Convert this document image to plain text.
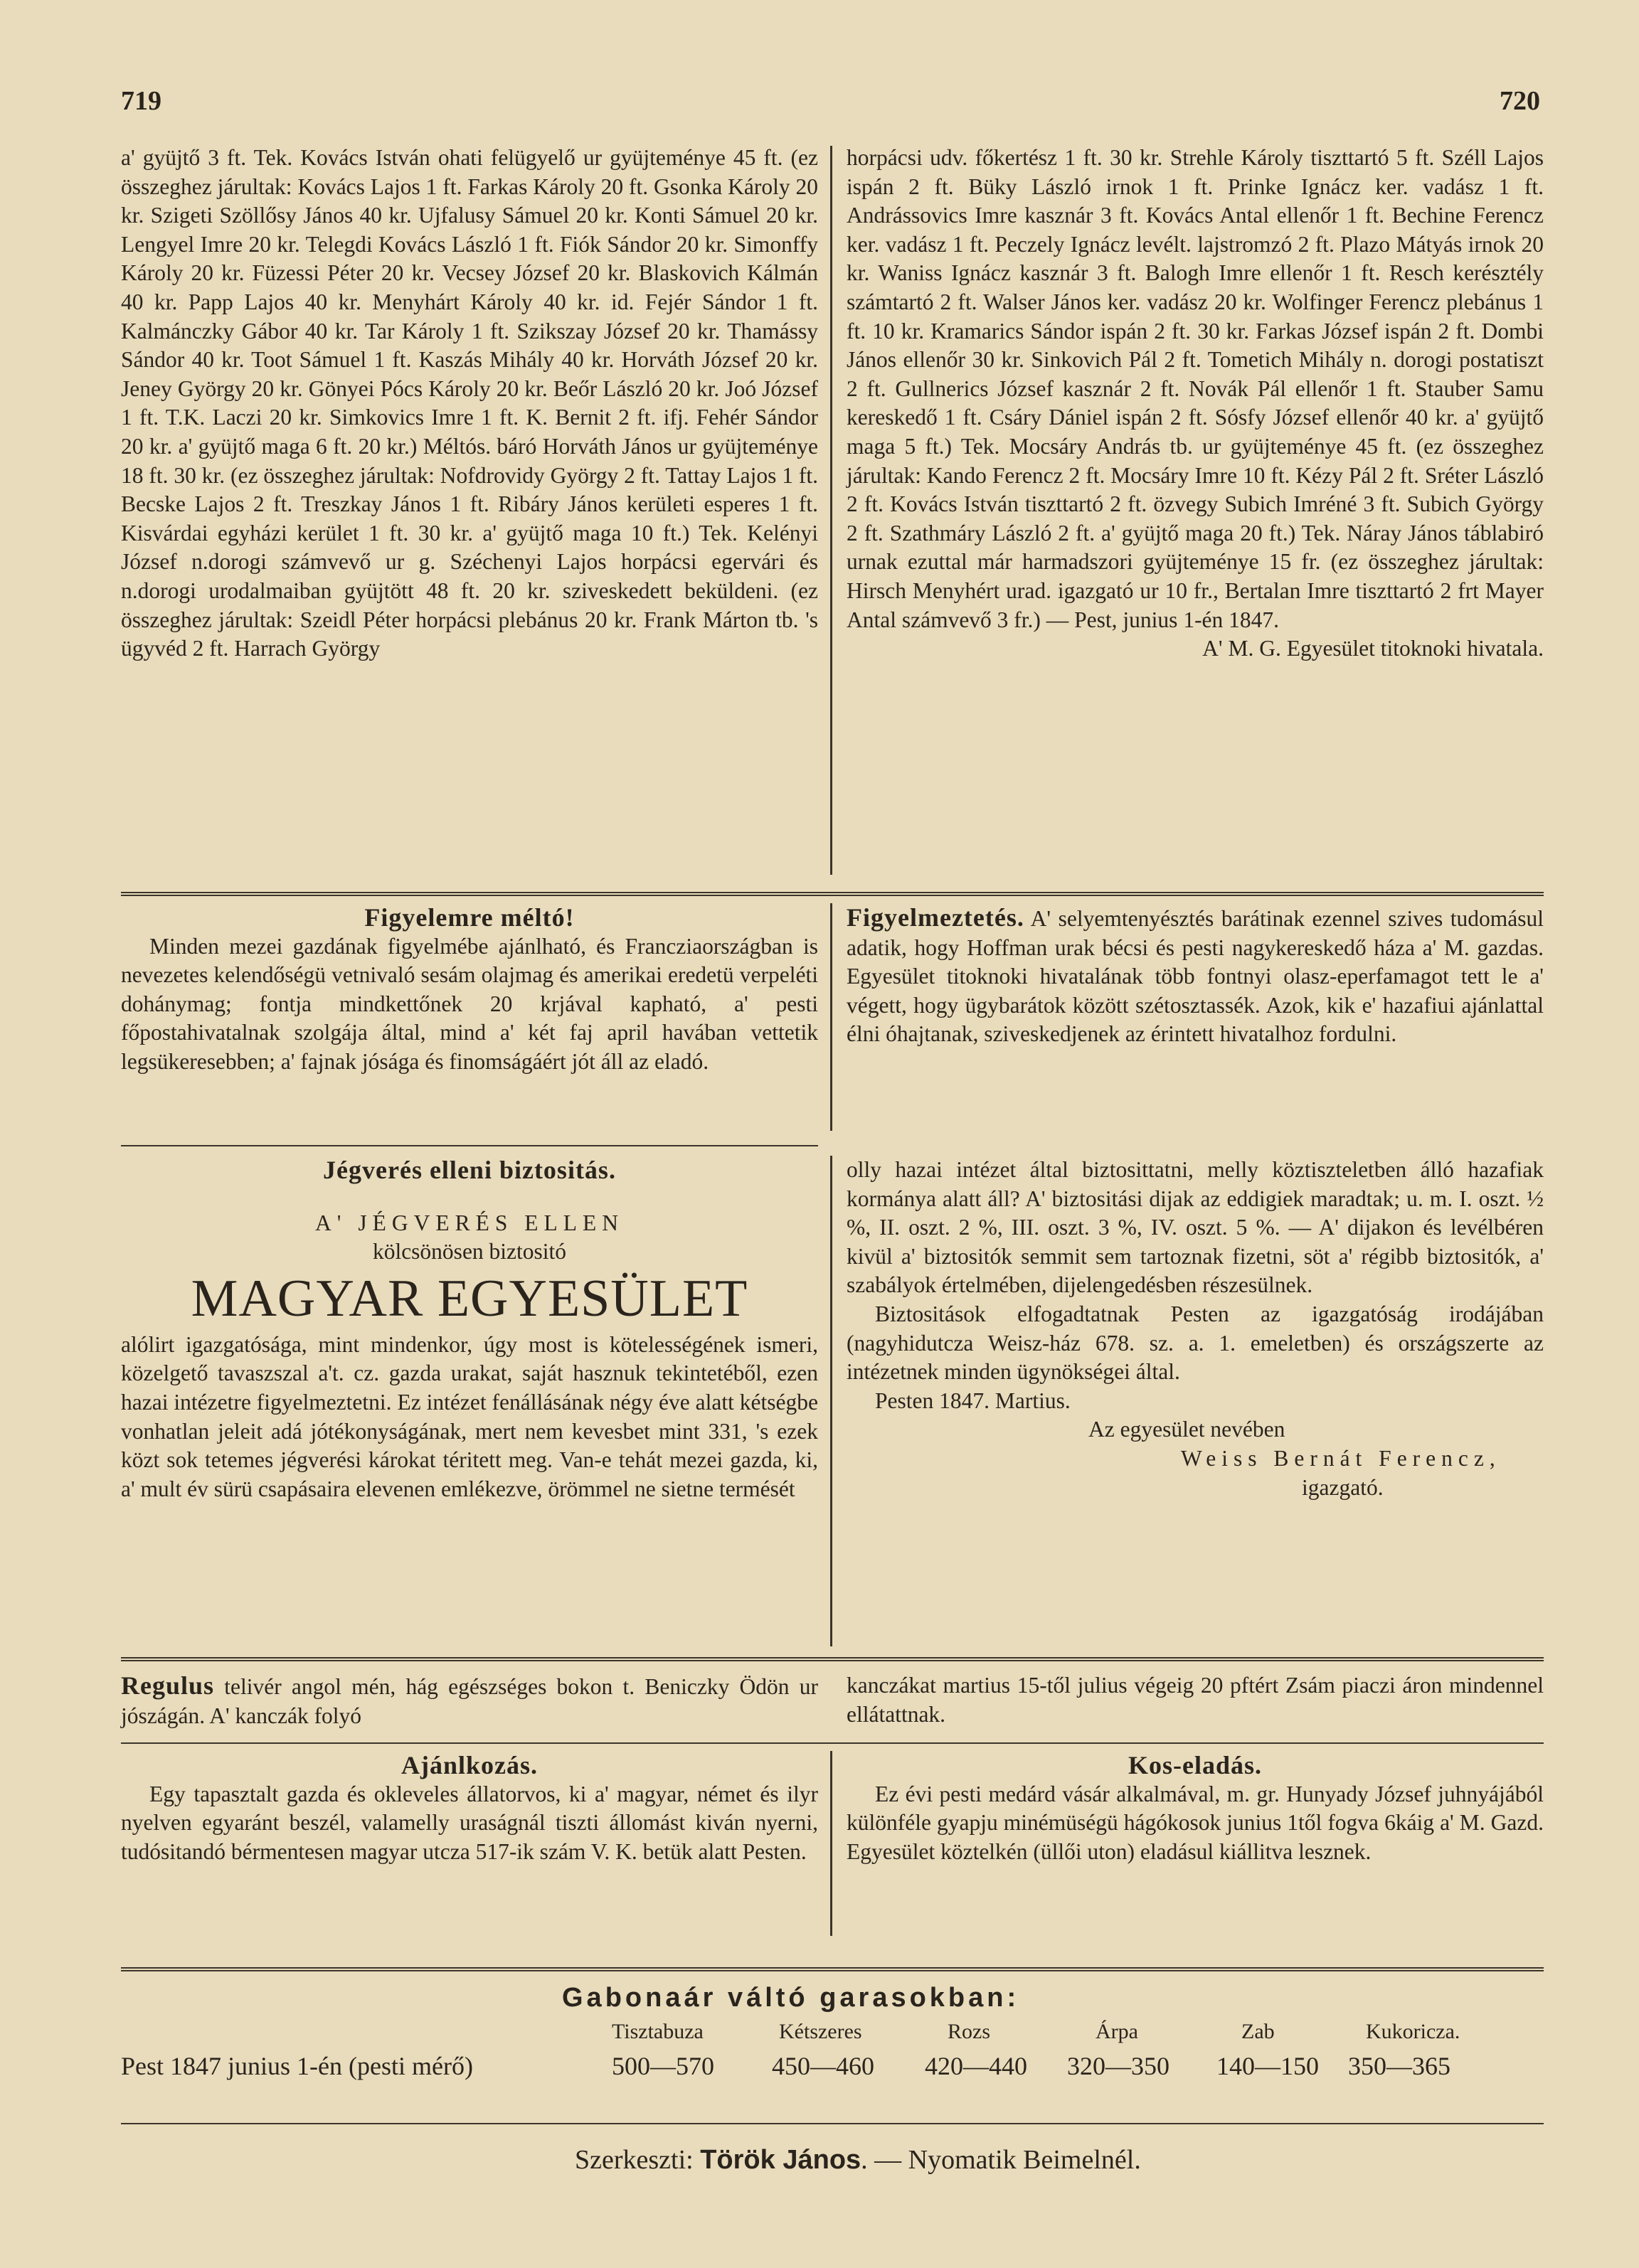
719	720

a' gyüjtő 3 ft. Tek. Kovács István ohati felügyelő ur gyüjteménye 45 ft. (ez összeghez járultak: Kovács Lajos 1 ft. Farkas Károly 20 ft. Gsonka Károly 20 kr. Szigeti Szöllősy János 40 kr. Ujfalusy Sámuel 20 kr. Konti Sámuel 20 kr. Lengyel Imre 20 kr. Telegdi Kovács László 1 ft. Fiók Sándor 20 kr. Simonffy Károly 20 kr. Füzessi Péter 20 kr. Vecsey József 20 kr. Blaskovich Kálmán 40 kr. Papp Lajos 40 kr. Menyhárt Károly 40 kr. id. Fejér Sándor 1 ft. Kalmánczky Gábor 40 kr. Tar Károly 1 ft. Szikszay József 20 kr. Thamássy Sándor 40 kr. Toot Sámuel 1 ft. Kaszás Mihály 40 kr. Horváth József 20 kr. Jeney György 20 kr. Gönyei Pócs Károly 20 kr. Beőr László 20 kr. Joó József 1 ft. T.K. Laczi 20 kr. Simkovics Imre 1 ft. K. Bernit 2 ft. ifj. Fehér Sándor 20 kr. a' gyüjtő maga 6 ft. 20 kr.) Méltós. báró Horváth János ur gyüjteménye 18 ft. 30 kr. (ez összeghez járultak: Nofdrovidy György 2 ft. Tattay Lajos 1 ft. Becske Lajos 2 ft. Treszkay János 1 ft. Ribáry János kerületi esperes 1 ft. Kisvárdai egyházi kerület 1 ft. 30 kr. a' gyüjtő maga 10 ft.) Tek. Kelényi József n.dorogi számvevő ur g. Széchenyi Lajos horpácsi egervári és n.dorogi urodalmaiban gyüjtött 48 ft. 20 kr. sziveskedett beküldeni. (ez összeghez járultak: Szeidl Péter horpácsi plebánus 20 kr. Frank Márton tb. 's ügyvéd 2 ft. Harrach György

horpácsi udv. főkertész 1 ft. 30 kr. Strehle Károly tiszttartó 5 ft. Széll Lajos ispán 2 ft. Büky László irnok 1 ft. Prinke Ignácz ker. vadász 1 ft. Andrássovics Imre kasznár 3 ft. Kovács Antal ellenőr 1 ft. Bechine Ferencz ker. vadász 1 ft. Peczely Ignácz levélt. lajstromzó 2 ft. Plazo Mátyás irnok 20 kr. Waniss Ignácz kasznár 3 ft. Balogh Imre ellenőr 1 ft. Resch kerésztély számtartó 2 ft. Walser János ker. vadász 20 kr. Wolfinger Ferencz plebánus 1 ft. 10 kr. Kramarics Sándor ispán 2 ft. 30 kr. Farkas József ispán 2 ft. Dombi János ellenőr 30 kr. Sinkovich Pál 2 ft. Tometich Mihály n. dorogi postatiszt 2 ft. Gullnerics József kasznár 2 ft. Novák Pál ellenőr 1 ft. Stauber Samu kereskedő 1 ft. Csáry Dániel ispán 2 ft. Sósfy József ellenőr 40 kr. a' gyüjtő maga 5 ft.) Tek. Mocsáry András tb. ur gyüjteménye 45 ft. (ez összeghez járultak: Kando Ferencz 2 ft. Mocsáry Imre 10 ft. Kézy Pál 2 ft. Sréter László 2 ft. Kovács István tiszttartó 2 ft. özvegy Subich Imréné 3 ft. Subich György 2 ft. Szathmáry László 2 ft. a' gyüjtő maga 20 ft.) Tek. Náray János táblabiró urnak ezuttal már harmadszori gyüjteménye 15 fr. (ez összeghez járultak: Hirsch Menyhért urad. igazgató ur 10 fr., Bertalan Imre tiszttartó 2 frt Mayer Antal számvevő 3 fr.) — Pest, junius 1-én 1847.

A' M. G. Egyesület titoknoki hivatala.

Figyelemre méltó!

Minden mezei gazdának figyelmébe ajánlható, és Francziaországban is nevezetes kelendőségü vetnivaló sesám olajmag és amerikai eredetü verpeléti dohánymag; fontja mindkettőnek 20 krjával kapható, a' pesti főpostahivatalnak szolgája által, mind a' két faj april havában vettetik legsükeresebben; a' fajnak jósága és finomságáért jót áll az eladó.

Figyelmeztetés. A' selyemtenyésztés barátinak ezennel szives tudomásul adatik, hogy Hoffman urak bécsi és pesti nagykereskedő háza a' M. gazdas. Egyesület titoknoki hivatalának több fontnyi olasz-eperfamagot tett le a' végett, hogy ügybarátok között szétosztassék. Azok, kik e' hazafiui ajánlattal élni óhajtanak, sziveskedjenek az érintett hivatalhoz fordulni.

Jégverés elleni biztositás.

A' JÉGVERÉS ELLEN

kölcsönösen biztositó

MAGYAR EGYESÜLET

alólirt igazgatósága, mint mindenkor, úgy most is kötelességének ismeri, közelgető tavaszszal a't. cz. gazda urakat, saját hasznuk tekintetéből, ezen hazai intézetre figyelmeztetni. Ez intézet fenállásának négy éve alatt kétségbe vonhatlan jeleit adá jótékonyságának, mert nem kevesbet mint 331, 's ezek közt sok tetemes jégverési károkat téritett meg. Van-e tehát mezei gazda, ki, a' mult év sürü csapásaira elevenen emlékezve, örömmel ne sietne termését

olly hazai intézet által biztosittatni, melly köztiszteletben álló hazafiak kormánya alatt áll? A' biztositási dijak az eddigiek maradtak; u. m. I. oszt. ½ %, II. oszt. 2 %, III. oszt. 3 %, IV. oszt. 5 %. — A' dijakon és levélbéren kivül a' biztositók semmit sem tartoznak fizetni, söt a' régibb biztositók, a' szabályok értelmében, dijelengedésben részesülnek.

Biztositások elfogadtatnak Pesten az igazgatóság irodájában (nagyhidutcza Weisz-ház 678. sz. a. 1. emeletben) és országszerte az intézetnek minden ügynökségei által.

Pesten 1847. Martius.

Az egyesület nevében

Weiss Bernát Ferencz,

igazgató.

Regulus telivér angol mén, hág egészséges bokon t. Beniczky Ödön ur jószágán. A' kanczák folyó

kanczákat martius 15-től julius végeig 20 pftért Zsám piaczi áron mindennel ellátattnak.

Ajánlkozás.

Egy tapasztalt gazda és okleveles állatorvos, ki a' magyar, német és ilyr nyelven egyaránt beszél, valamelly uraságnál tiszti állomást kiván nyerni, tudósitandó bérmentesen magyar utcza 517-ik szám V. K. betük alatt Pesten.

Kos-eladás.

Ez évi pesti medárd vásár alkalmával, m. gr. Hunyady József juhnyájából különféle gyapju minémüségü hágókosok junius 1től fogva 6káig a' M. Gazd. Egyesület köztelkén (üllői uton) eladásul kiállitva lesznek.

Gabonaár váltó garasokban:
Tisztabuza	Kétszeres	Rozs	Árpa	Zab	Kukoricza.
Pest 1847 junius 1-én (pesti mérő)	500—570 450—460 420—440 320—350 140—150 350—365
Szerkeszti: Török János. — Nyomatik Beimelnél.
